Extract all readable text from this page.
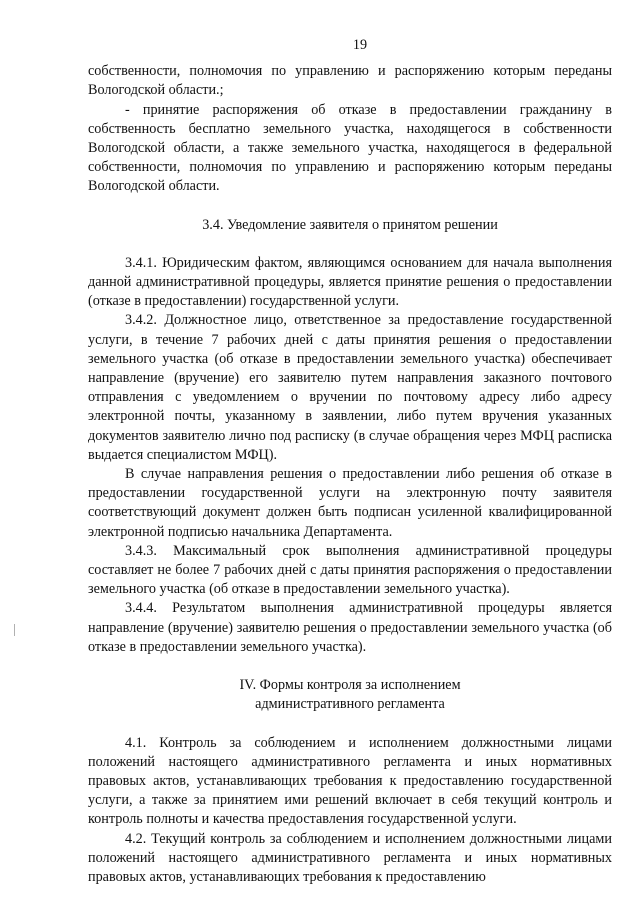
19

собственности, полномочия по управлению и распоряжению которым переданы Вологодской области.;

- принятие распоряжения об отказе в предоставлении гражданину в собственность бесплатно земельного участка, находящегося в собственности Вологодской области, а также земельного участка, находящегося в федеральной собственности, полномочия по управлению и распоряжению которым переданы Вологодской области.

3.4. Уведомление заявителя о принятом решении

3.4.1. Юридическим фактом, являющимся основанием для начала выполнения данной административной процедуры, является принятие решения о предоставлении (отказе в предоставлении) государственной услуги.

3.4.2. Должностное лицо, ответственное за предоставление государственной услуги, в течение 7 рабочих дней с даты принятия решения о предоставлении земельного участка (об отказе в предоставлении земельного участка) обеспечивает направление (вручение) его заявителю путем направления заказного почтового отправления с уведомлением о вручении по почтовому адресу либо адресу электронной почты, указанному в заявлении, либо путем вручения указанных документов заявителю лично под расписку (в случае обращения через МФЦ расписка выдается специалистом МФЦ).

В случае направления решения о предоставлении либо решения об отказе в предоставлении государственной услуги на электронную почту заявителя соответствующий документ должен быть подписан усиленной квалифицированной электронной подписью начальника Департамента.

3.4.3. Максимальный срок выполнения административной процедуры составляет не более 7 рабочих дней с даты принятия распоряжения о предоставлении земельного участка (об отказе в предоставлении земельного участка).

3.4.4. Результатом выполнения административной процедуры является направление (вручение) заявителю решения о предоставлении земельного участка (об отказе в предоставлении земельного участка).

IV. Формы контроля за исполнением
административного регламента

4.1. Контроль за соблюдением и исполнением должностными лицами положений настоящего административного регламента и иных нормативных правовых актов, устанавливающих требования к предоставлению государственной услуги, а также за принятием ими решений включает в себя текущий контроль и контроль полноты и качества предоставления государственной услуги.

4.2. Текущий контроль за соблюдением и исполнением должностными лицами положений настоящего административного регламента и иных нормативных правовых актов, устанавливающих требования к предоставлению
